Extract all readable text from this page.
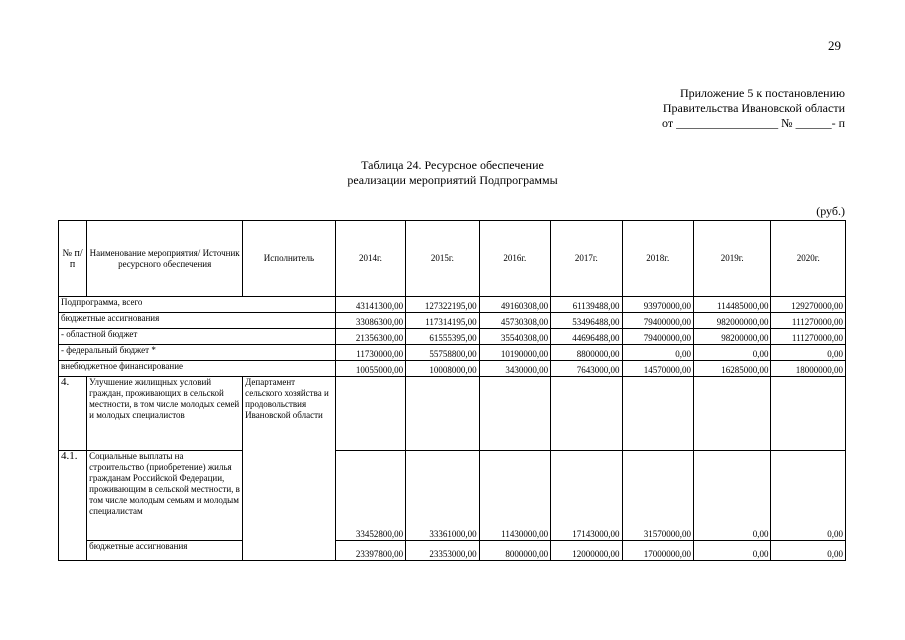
29
Приложение 5 к постановлению
Правительства Ивановской области
от _________________ № ______- п
Таблица 24. Ресурсное обеспечение
реализации мероприятий Подпрограммы
(руб.)
№ п/п	Наименование мероприятия/ Источник ресурсного обеспечения	Исполнитель	2014г.	2015г.	2016г.	2017г.	2018г.	2019г.	2020г.
Подпрограмма, всего			43141300,00	127322195,00	49160308,00	61139488,00	93970000,00	114485000,00	129270000,00
бюджетные ассигнования			33086300,00	117314195,00	45730308,00	53496488,00	79400000,00	982000000,00	111270000,00
- областной бюджет			21356300,00	61555395,00	35540308,00	44696488,00	79400000,00	98200000,00	111270000,00
- федеральный бюджет *			11730000,00	55758800,00	10190000,00	8800000,00	0,00	0,00	0,00
внебюджетное финансирование			10055000,00	10008000,00	3430000,00	7643000,00	14570000,00	16285000,00	18000000,00
4.	Улучшение жилищных условий граждан, проживающих в сельской местности, в том числе молодых семей и молодых специалистов	Департамент сельского хозяйства и продовольствия Ивановской области							
4.1.	Социальные выплаты на строительство (приобретение) жилья гражданам Российской Федерации, проживающим в сельской местности, в том числе молодым семьям и молодым специалистам		33452800,00	33361000,00	11430000,00	17143000,00	31570000,00	0,00	0,00
	бюджетные ассигнования		23397800,00	23353000,00	8000000,00	12000000,00	17000000,00	0,00	0,00
